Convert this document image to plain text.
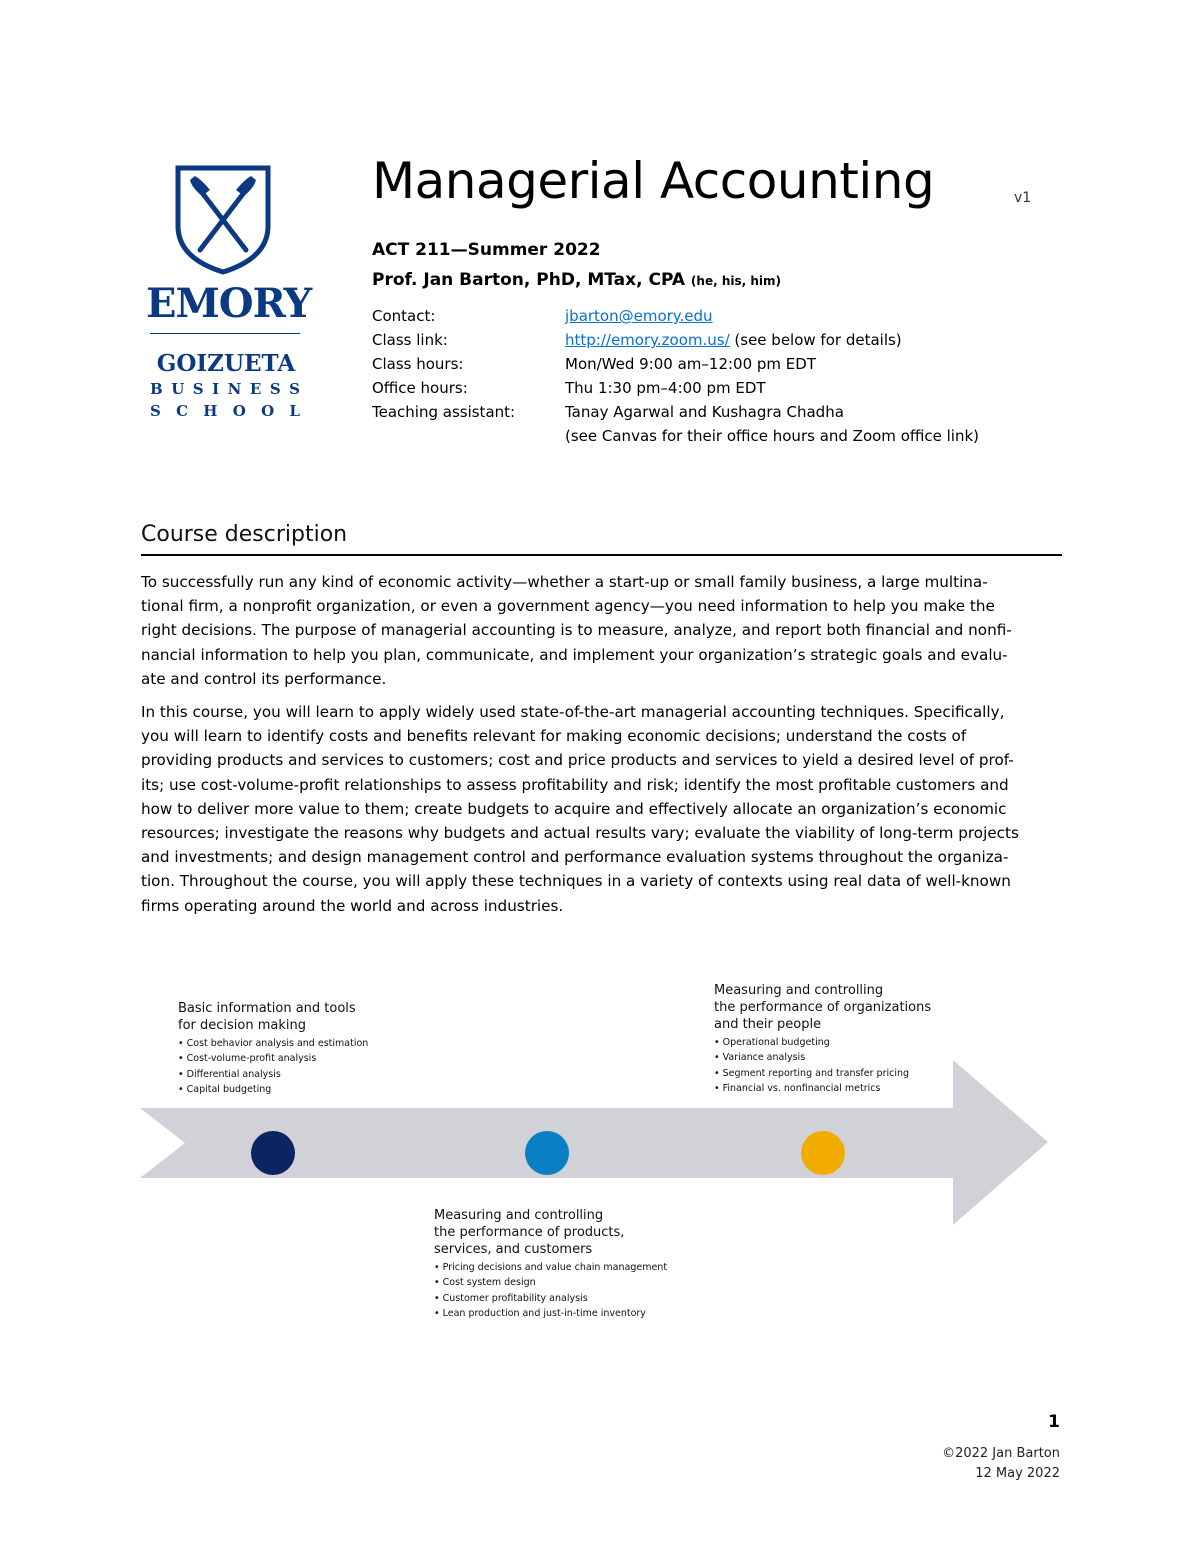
EMORY
GOIZUETA
B U S I N E S S
S C H O O L
Managerial Accounting	v1
ACT 211—Summer 2022
Prof. Jan Barton, PhD, MTax, CPA (he, his, him)
Contact:	jbarton@emory.edu
Class link:	http://emory.zoom.us/ (see below for details)
Class hours:	Mon/Wed 9:00 am–12:00 pm EDT
Office hours:	Thu 1:30 pm–4:00 pm EDT
Teaching assistant:	Tanay Agarwal and Kushagra Chadha
(see Canvas for their office hours and Zoom office link)
Course description
To successfully run any kind of economic activity—whether a start-up or small family business, a large multina-
tional firm, a nonprofit organization, or even a government agency—you need information to help you make the
right decisions. The purpose of managerial accounting is to measure, analyze, and report both financial and nonfi-
nancial information to help you plan, communicate, and implement your organization’s strategic goals and evalu-
ate and control its performance.
In this course, you will learn to apply widely used state-of-the-art managerial accounting techniques. Specifically,
you will learn to identify costs and benefits relevant for making economic decisions; understand the costs of
providing products and services to customers; cost and price products and services to yield a desired level of prof-
its; use cost-volume-profit relationships to assess profitability and risk; identify the most profitable customers and
how to deliver more value to them; create budgets to acquire and effectively allocate an organization’s economic
resources; investigate the reasons why budgets and actual results vary; evaluate the viability of long-term projects
and investments; and design management control and performance evaluation systems throughout the organiza-
tion. Throughout the course, you will apply these techniques in a variety of contexts using real data of well-known
firms operating around the world and across industries.
Basic information and tools
for decision making
• Cost behavior analysis and estimation
• Cost-volume-profit analysis
• Differential analysis
• Capital budgeting
Measuring and controlling
the performance of products,
services, and customers
• Pricing decisions and value chain management
• Cost system design
• Customer profitability analysis
• Lean production and just-in-time inventory
Measuring and controlling
the performance of organizations
and their people
• Operational budgeting
• Variance analysis
• Segment reporting and transfer pricing
• Financial vs. nonfinancial metrics
1
©2022 Jan Barton
12 May 2022
